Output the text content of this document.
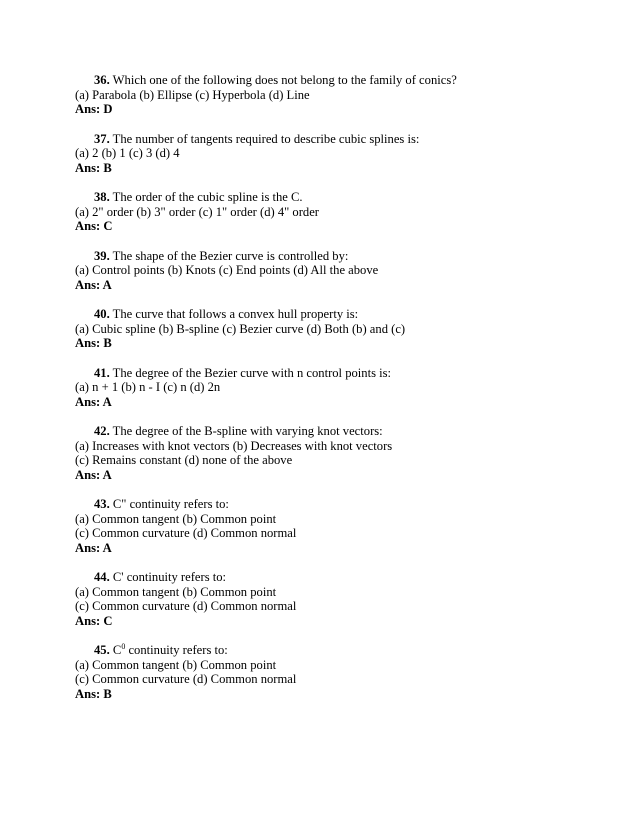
36. Which one of the following does not belong to the family of conics?

(a) Parabola (b) Ellipse (c) Hyperbola (d) Line

Ans: D

37. The number of tangents required to describe cubic splines is:

(a) 2 (b) 1 (c) 3 (d) 4

Ans: B

38. The order of the cubic spline is the C.

(a) 2" order (b) 3" order (c) 1" order (d) 4" order

Ans: C

39. The shape of the Bezier curve is controlled by:

(a) Control points (b) Knots (c) End points (d) All the above

Ans: A

40. The curve that follows a convex hull property is:

(a) Cubic spline (b) B-spline (c) Bezier curve (d) Both (b) and (c)

Ans: B

41. The degree of the Bezier curve with n control points is:

(a) n + 1 (b) n - I (c) n (d) 2n

Ans: A

42. The degree of the B-spline with varying knot vectors:

(a) Increases with knot vectors (b) Decreases with knot vectors

(c) Remains constant (d) none of the above

Ans: A

43. C" continuity refers to:

(a) Common tangent (b) Common point

(c) Common curvature (d) Common normal

Ans: A

44. C' continuity refers to:

(a) Common tangent (b) Common point

(c) Common curvature (d) Common normal

Ans: C

45. $C^0$ continuity refers to:

(a) Common tangent (b) Common point

(c) Common curvature (d) Common normal

Ans: B
